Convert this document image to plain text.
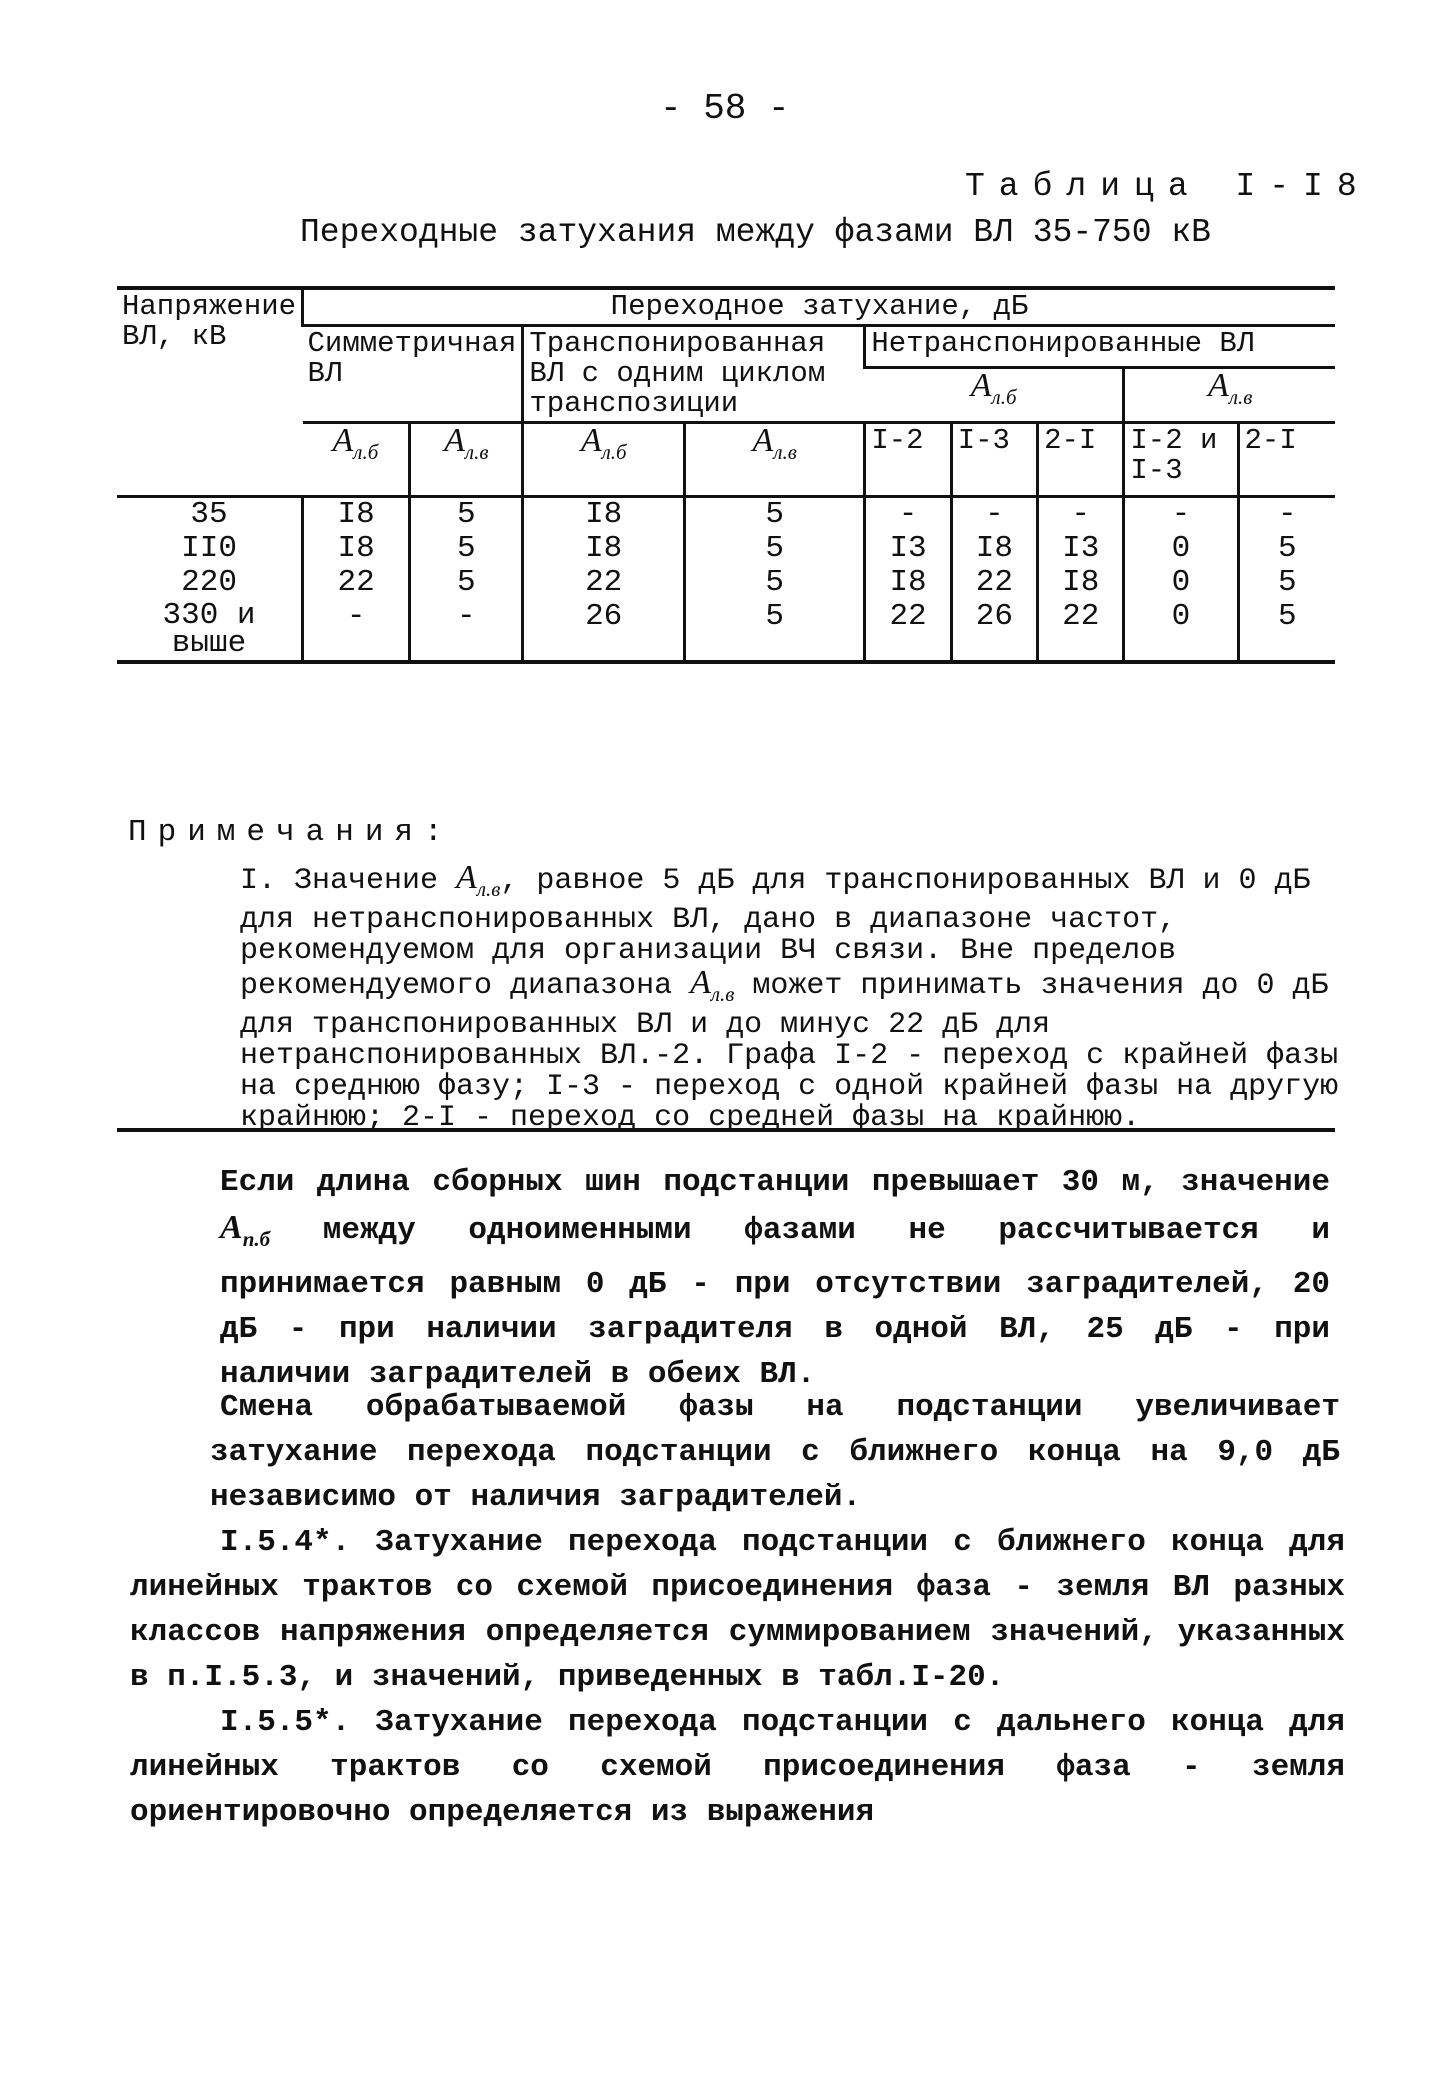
- 58 -
Таблица I-I8
Переходные затухания между фазами ВЛ 35-750 кВ
Напряжение ВЛ, кВ	Переходное затухание, дБ								
	Симметричная ВЛ		Транспонированная ВЛ с одним циклом транспозиции		Нетранспонированные ВЛ				
					$A_{л.б}$			$A_{л.в}$
	$A_{л.б}$	$A_{л.в}$	$A_{л.б}$	$A_{л.в}$	I-2	I-3	2-I	I-2 и I-3	2-I
35	I8	5	I8	5	-	-	-	-	-
II0	I8	5	I8	5	I3	I8	I3	0	5
220	22	5	22	5	I8	22	I8	0	5
330 и выше	-	-	26	5	22	26	22	0	5
Примечания:
I. Значение $A_{л.в}$, равное 5 дБ для транспонированных ВЛ и 0 дБ для нетранспонированных ВЛ, дано в диапазоне частот, рекомендуемом для организации ВЧ связи. Вне пределов рекомендуемого диапазона $A_{л.в}$ может принимать значения до 0 дБ для транспонированных ВЛ и до минус 22 дБ для нетранспонированных ВЛ.-2. Графа I-2 - переход с крайней фазы на среднюю фазу; I-3 - переход с одной крайней фазы на другую крайнюю; 2-I - переход со средней фазы на крайнюю.
Если длина сборных шин подстанции превышает 30 м, значение $A_{п.б}$ между одноименными фазами не рассчитывается и принимается равным 0 дБ - при отсутствии заградителей, 20 дБ - при наличии заградителя в одной ВЛ, 25 дБ - при наличии заградителей в обеих ВЛ.
Смена обрабатываемой фазы на подстанции увеличивает затухание перехода подстанции с ближнего конца на 9,0 дБ независимо от наличия заградителей.
I.5.4*. Затухание перехода подстанции с ближнего конца для линейных трактов со схемой присоединения фаза - земля ВЛ разных классов напряжения определяется суммированием значений, указанных в п.I.5.3, и значений, приведенных в табл.I-20.
I.5.5*. Затухание перехода подстанции с дальнего конца для линейных трактов со схемой присоединения фаза - земля ориентировочно определяется из выражения
